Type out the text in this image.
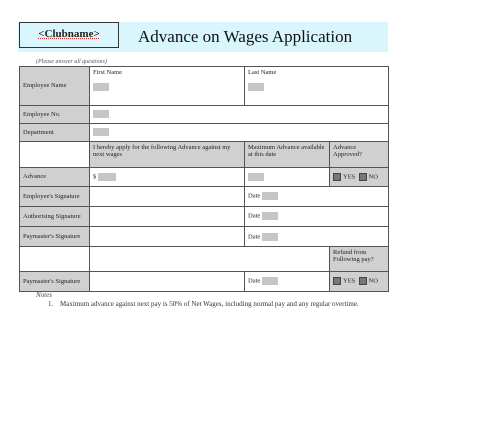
<Clubname>	Advance on Wages Application
(Please answer all questions)
Employee Name	First Name	Last Name	

Employee No.			
Department			
	I hereby apply for the following Advance against my next wages	Maximum Advance available at this date	Advance Approved?
Advance	$		YES NO
Employee's Signature		Date	
Authorising Signature		Date	
Paymaster's Signature		Date	
			Refund from Following pay?
Paymaster's Signature		Date	YES NO
Notes
1. Maximum advance against next pay is 50% of Net Wages, including normal pay and any regular overtime.
